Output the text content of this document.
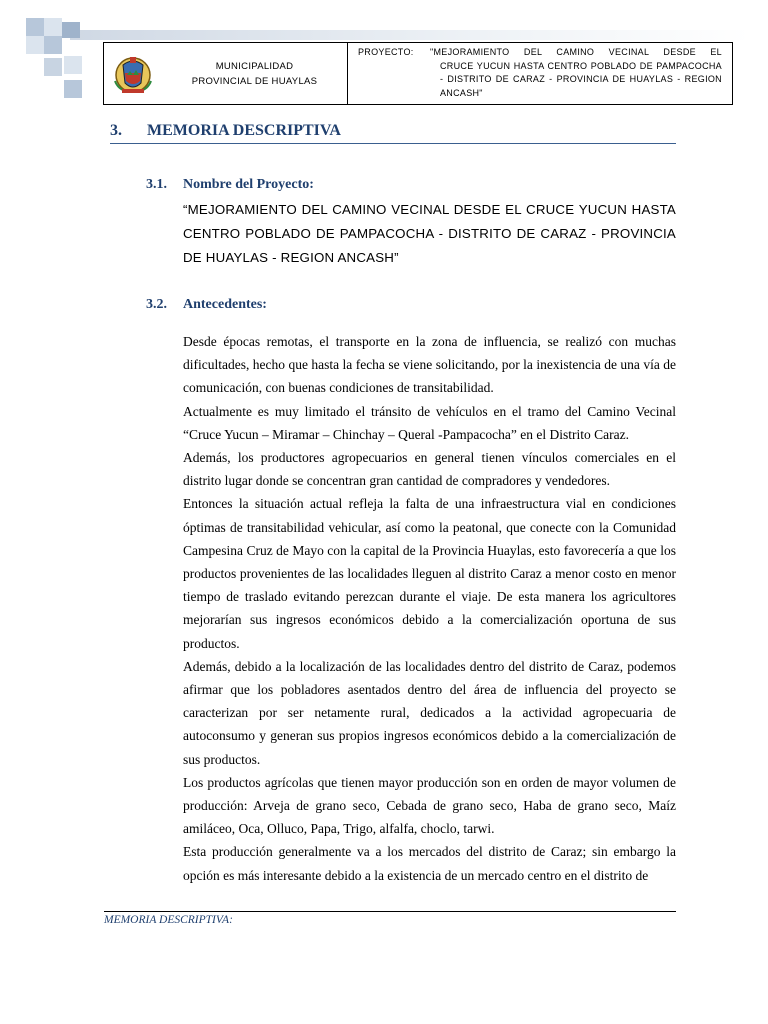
MUNICIPALIDAD
PROVINCIAL DE HUAYLAS
PROYECTO:	"MEJORAMIENTO DEL CAMINO VECINAL DESDE EL
CRUCE YUCUN HASTA CENTRO POBLADO DE PAMPACOCHA - DISTRITO DE CARAZ - PROVINCIA DE HUAYLAS - REGION ANCASH"
3. MEMORIA DESCRIPTIVA
3.1. Nombre del Proyecto:
“MEJORAMIENTO DEL CAMINO VECINAL DESDE EL CRUCE YUCUN HASTA CENTRO POBLADO DE PAMPACOCHA - DISTRITO DE CARAZ - PROVINCIA DE HUAYLAS - REGION ANCASH”
3.2. Antecedentes:

Desde épocas remotas, el transporte en la zona de influencia, se realizó con muchas dificultades, hecho que hasta la fecha se viene solicitando, por la inexistencia de una vía de comunicación, con buenas condiciones de transitabilidad.

Actualmente es muy limitado el tránsito de vehículos en el tramo del Camino Vecinal “Cruce Yucun – Miramar – Chinchay – Queral -Pampacocha” en el Distrito Caraz.

Además, los productores agropecuarios en general tienen vínculos comerciales en el distrito lugar donde se concentran gran cantidad de compradores y vendedores.

Entonces la situación actual refleja la falta de una infraestructura vial en condiciones óptimas de transitabilidad vehicular, así como la peatonal, que conecte con la Comunidad Campesina Cruz de Mayo con la capital de la Provincia Huaylas, esto favorecería a que los productos provenientes de las localidades lleguen al distrito Caraz a menor costo en menor tiempo de traslado evitando perezcan durante el viaje. De esta manera los agricultores mejorarían sus ingresos económicos debido a la comercialización oportuna de sus productos.

Además, debido a la localización de las localidades dentro del distrito de Caraz, podemos afirmar que los pobladores asentados dentro del área de influencia del proyecto se caracterizan por ser netamente rural, dedicados a la actividad agropecuaria de autoconsumo y generan sus propios ingresos económicos debido a la comercialización de sus productos.

Los productos agrícolas que tienen mayor producción son en orden de mayor volumen de producción: Arveja de grano seco, Cebada de grano seco, Haba de grano seco, Maíz amiláceo, Oca, Olluco, Papa, Trigo, alfalfa, choclo, tarwi.

Esta producción generalmente va a los mercados del distrito de Caraz; sin embargo la opción es más interesante debido a la existencia de un mercado centro en el distrito de

MEMORIA DESCRIPTIVA:
